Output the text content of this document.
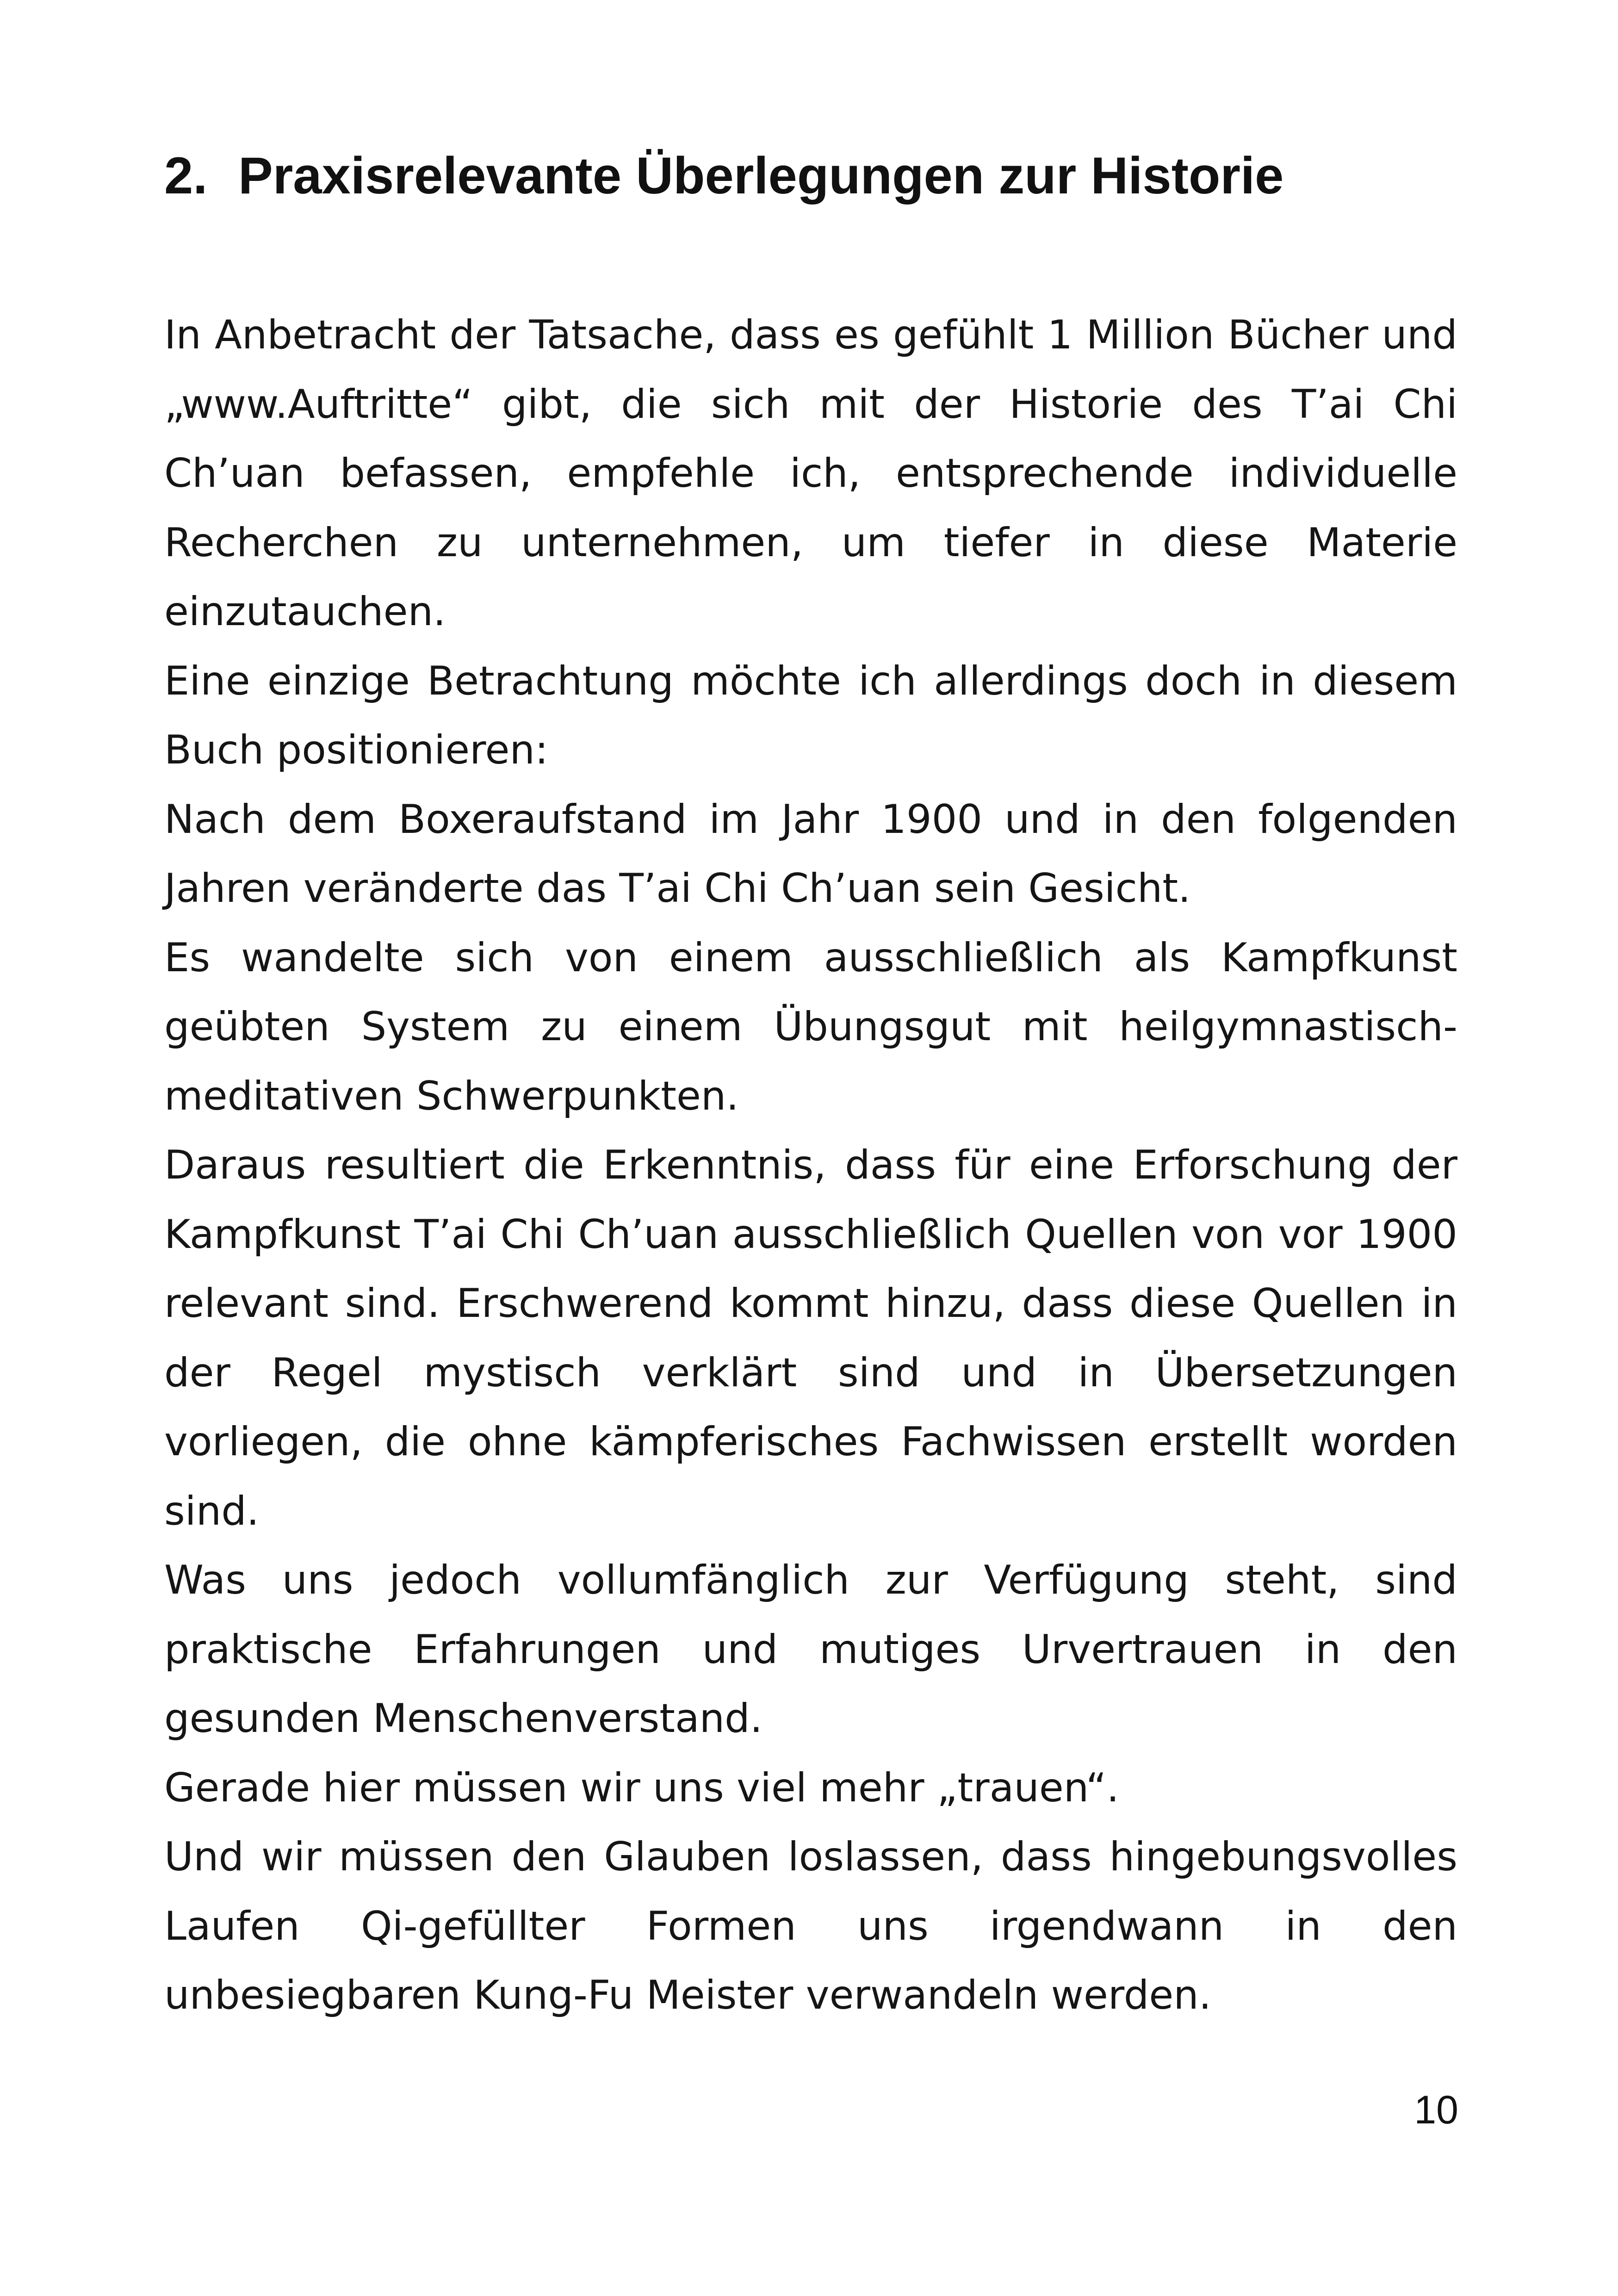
2. Praxisrelevante Überlegungen zur Historie

In Anbetracht der Tatsache, dass es gefühlt 1 Million Bücher und „www.Auftritte“ gibt, die sich mit der Historie des T’ai Chi Ch’uan befassen, empfehle ich, entsprechende individuelle Recherchen zu unternehmen, um tiefer in diese Materie einzutauchen.

Eine einzige Betrachtung möchte ich allerdings doch in diesem Buch positionieren:

Nach dem Boxeraufstand im Jahr 1900 und in den folgenden Jahren veränderte das T’ai Chi Ch’uan sein Gesicht.

Es wandelte sich von einem ausschließlich als Kampfkunst geübten System zu einem Übungsgut mit heilgymnastisch-meditativen Schwerpunkten.

Daraus resultiert die Erkenntnis, dass für eine Erforschung der Kampfkunst T’ai Chi Ch’uan ausschließlich Quellen von vor 1900 relevant sind. Erschwerend kommt hinzu, dass diese Quellen in der Regel mystisch verklärt sind und in Übersetzungen vorliegen, die ohne kämpferisches Fachwissen erstellt worden sind.

Was uns jedoch vollumfänglich zur Verfügung steht, sind praktische Erfahrungen und mutiges Urvertrauen in den gesunden Menschenverstand.

Gerade hier müssen wir uns viel mehr „trauen“.

Und wir müssen den Glauben loslassen, dass hingebungsvolles Laufen Qi-gefüllter Formen uns irgendwann in den unbesiegbaren Kung-Fu Meister verwandeln werden.

10
